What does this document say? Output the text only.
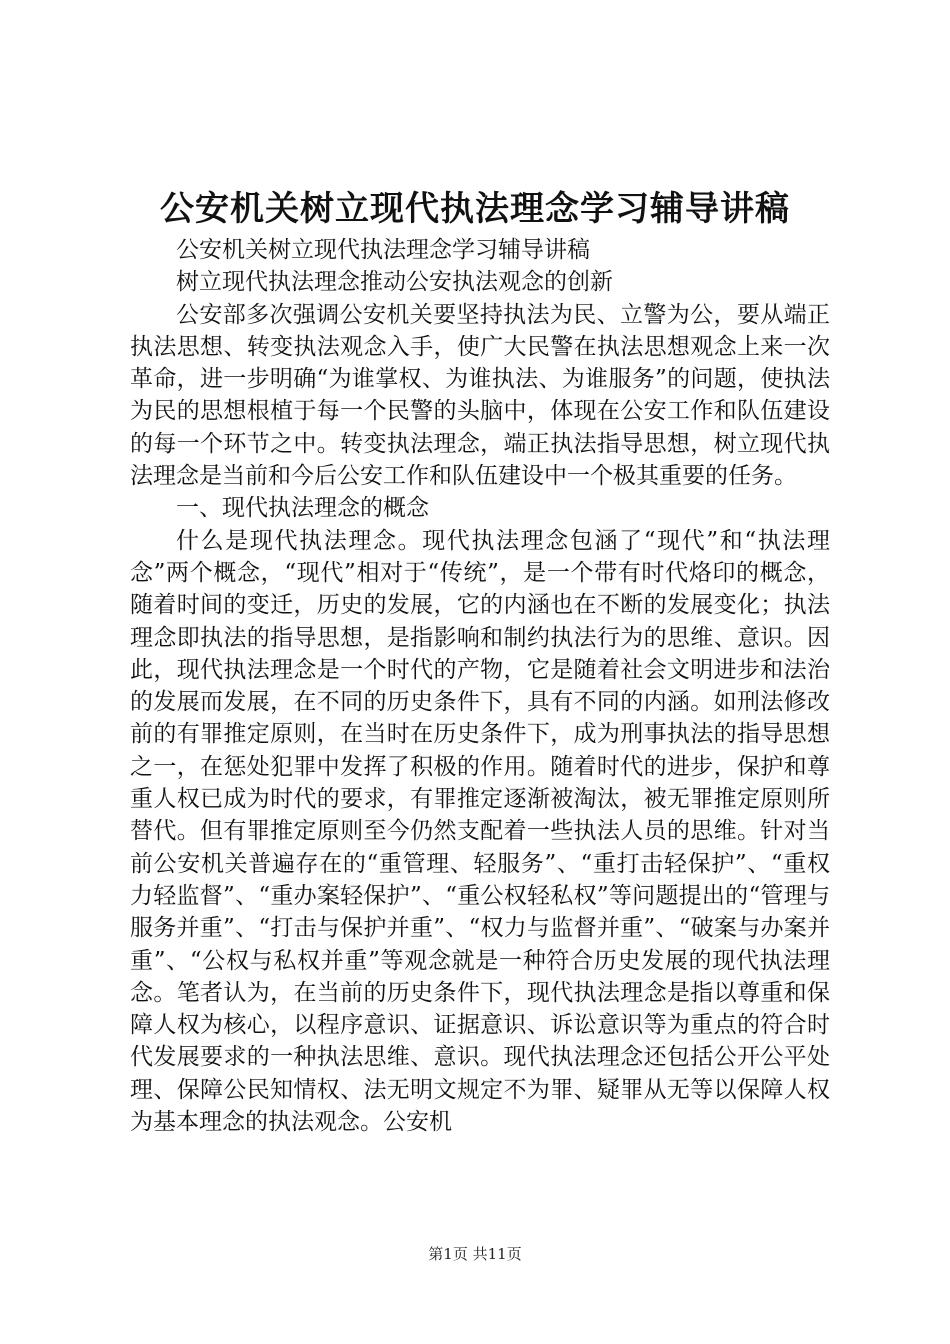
公安机关树立现代执法理念学习辅导讲稿

公安机关树立现代执法理念学习辅导讲稿

树立现代执法理念推动公安执法观念的创新

公安部多次强调公安机关要坚持执法为民、立警为公，要从端正执法思想、转变执法观念入手，使广大民警在执法思想观念上来一次革命，进一步明确“为谁掌权、为谁执法、为谁服务”的问题，使执法为民的思想根植于每一个民警的头脑中，体现在公安工作和队伍建设的每一个环节之中。转变执法理念，端正执法指导思想，树立现代执法理念是当前和今后公安工作和队伍建设中一个极其重要的任务。

一、现代执法理念的概念

什么是现代执法理念。现代执法理念包涵了“现代”和“执法理念”两个概念，“现代”相对于“传统”，是一个带有时代烙印的概念，随着时间的变迁，历史的发展，它的内涵也在不断的发展变化；执法理念即执法的指导思想，是指影响和制约执法行为的思维、意识。因此，现代执法理念是一个时代的产物，它是随着社会文明进步和法治的发展而发展，在不同的历史条件下，具有不同的内涵。如刑法修改前的有罪推定原则，在当时在历史条件下，成为刑事执法的指导思想之一，在惩处犯罪中发挥了积极的作用。随着时代的进步，保护和尊重人权已成为时代的要求，有罪推定逐渐被淘汰，被无罪推定原则所替代。但有罪推定原则至今仍然支配着一些执法人员的思维。针对当前公安机关普遍存在的“重管理、轻服务”、“重打击轻保护”、“重权力轻监督”、“重办案轻保护”、“重公权轻私权”等问题提出的“管理与服务并重”、“打击与保护并重”、“权力与监督并重”、“破案与办案并重”、“公权与私权并重”等观念就是一种符合历史发展的现代执法理念。笔者认为，在当前的历史条件下，现代执法理念是指以尊重和保障人权为核心，以程序意识、证据意识、诉讼意识等为重点的符合时代发展要求的一种执法思维、意识。现代执法理念还包括公开公平处理、保障公民知情权、法无明文规定不为罪、疑罪从无等以保障人权为基本理念的执法观念。公安机

第1页 共11页
